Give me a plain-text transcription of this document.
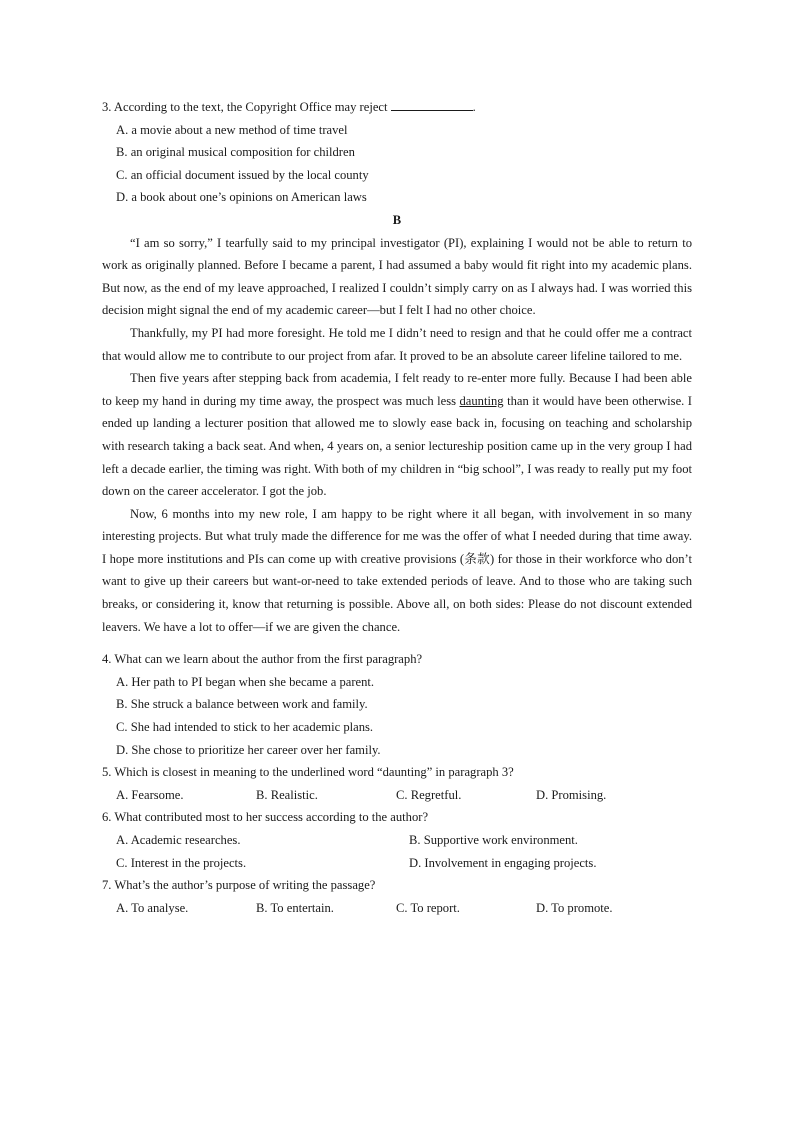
3. According to the text, the Copyright Office may reject	.

A. a movie about a new method of time travel

B. an original musical composition for children

C. an official document issued by the local county

D. a book about one’s opinions on American laws

B

“I am so sorry,” I tearfully said to my principal investigator (PI), explaining I would not be able to return to work as originally planned. Before I became a parent, I had assumed a baby would fit right into my academic plans. But now, as the end of my leave approached, I realized I couldn’t simply carry on as I always had. I was worried this decision might signal the end of my academic career—but I felt I had no other choice.

Thankfully, my PI had more foresight. He told me I didn’t need to resign and that he could offer me a contract that would allow me to contribute to our project from afar. It proved to be an absolute career lifeline tailored to me.

Then five years after stepping back from academia, I felt ready to re-enter more fully. Because I had been able to keep my hand in during my time away, the prospect was much less daunting than it would have been otherwise. I ended up landing a lecturer position that allowed me to slowly ease back in, focusing on teaching and scholarship with research taking a back seat. And when, 4 years on, a senior lectureship position came up in the very group I had left a decade earlier, the timing was right. With both of my children in “big school”, I was ready to really put my foot down on the career accelerator. I got the job.

Now, 6 months into my new role, I am happy to be right where it all began, with involvement in so many interesting projects. But what truly made the difference for me was the offer of what I needed during that time away. I hope more institutions and PIs can come up with creative provisions (条款) for those in their workforce who don’t want to give up their careers but want-or-need to take extended periods of leave. And to those who are taking such breaks, or considering it, know that returning is possible. Above all, on both sides: Please do not discount extended leavers. We have a lot to offer—if we are given the chance.

4. What can we learn about the author from the first paragraph?

A. Her path to PI began when she became a parent.

B. She struck a balance between work and family.

C. She had intended to stick to her academic plans.

D. She chose to prioritize her career over her family.

5. Which is closest in meaning to the underlined word “daunting” in paragraph 3?

A. Fearsome.	B. Realistic.	C. Regretful.	D. Promising.

6. What contributed most to her success according to the author?

A. Academic researches.	B. Supportive work environment.
C. Interest in the projects.	D. Involvement in engaging projects.

7. What’s the author’s purpose of writing the passage?

A. To analyse.	B. To entertain.	C. To report.	D. To promote.
